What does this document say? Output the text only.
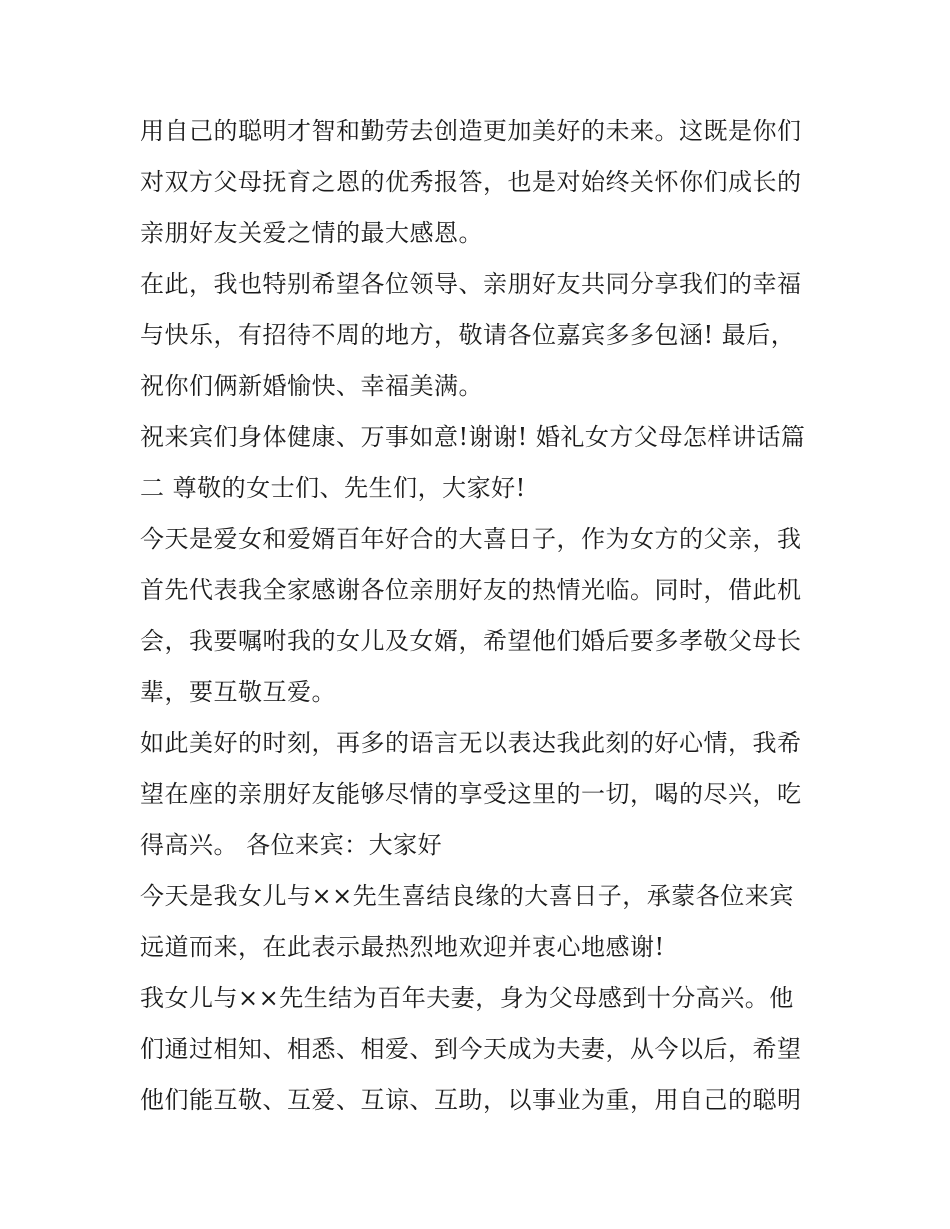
用自己的聪明才智和勤劳去创造更加美好的未来。这既是你们
对双方父母抚育之恩的优秀报答，也是对始终关怀你们成长的
亲朋好友关爱之情的最大感恩。
在此，我也特别希望各位领导、亲朋好友共同分享我们的幸福
与快乐，有招待不周的地方，敬请各位嘉宾多多包涵! 最后，
祝你们俩新婚愉快、幸福美满。
祝来宾们身体健康、万事如意!谢谢! 婚礼女方父母怎样讲话篇
二 尊敬的女士们、先生们，大家好!
今天是爱女和爱婿百年好合的大喜日子，作为女方的父亲，我
首先代表我全家感谢各位亲朋好友的热情光临。同时，借此机
会，我要嘱咐我的女儿及女婿，希望他们婚后要多孝敬父母长
辈，要互敬互爱。
如此美好的时刻，再多的语言无以表达我此刻的好心情，我希
望在座的亲朋好友能够尽情的享受这里的一切，喝的尽兴，吃
得高兴。 各位来宾：大家好
今天是我女儿与××先生喜结良缘的大喜日子，承蒙各位来宾
远道而来，在此表示最热烈地欢迎并衷心地感谢!
我女儿与××先生结为百年夫妻，身为父母感到十分高兴。他
们通过相知、相悉、相爱、到今天成为夫妻，从今以后，希望
他们能互敬、互爱、互谅、互助，以事业为重，用自己的聪明
